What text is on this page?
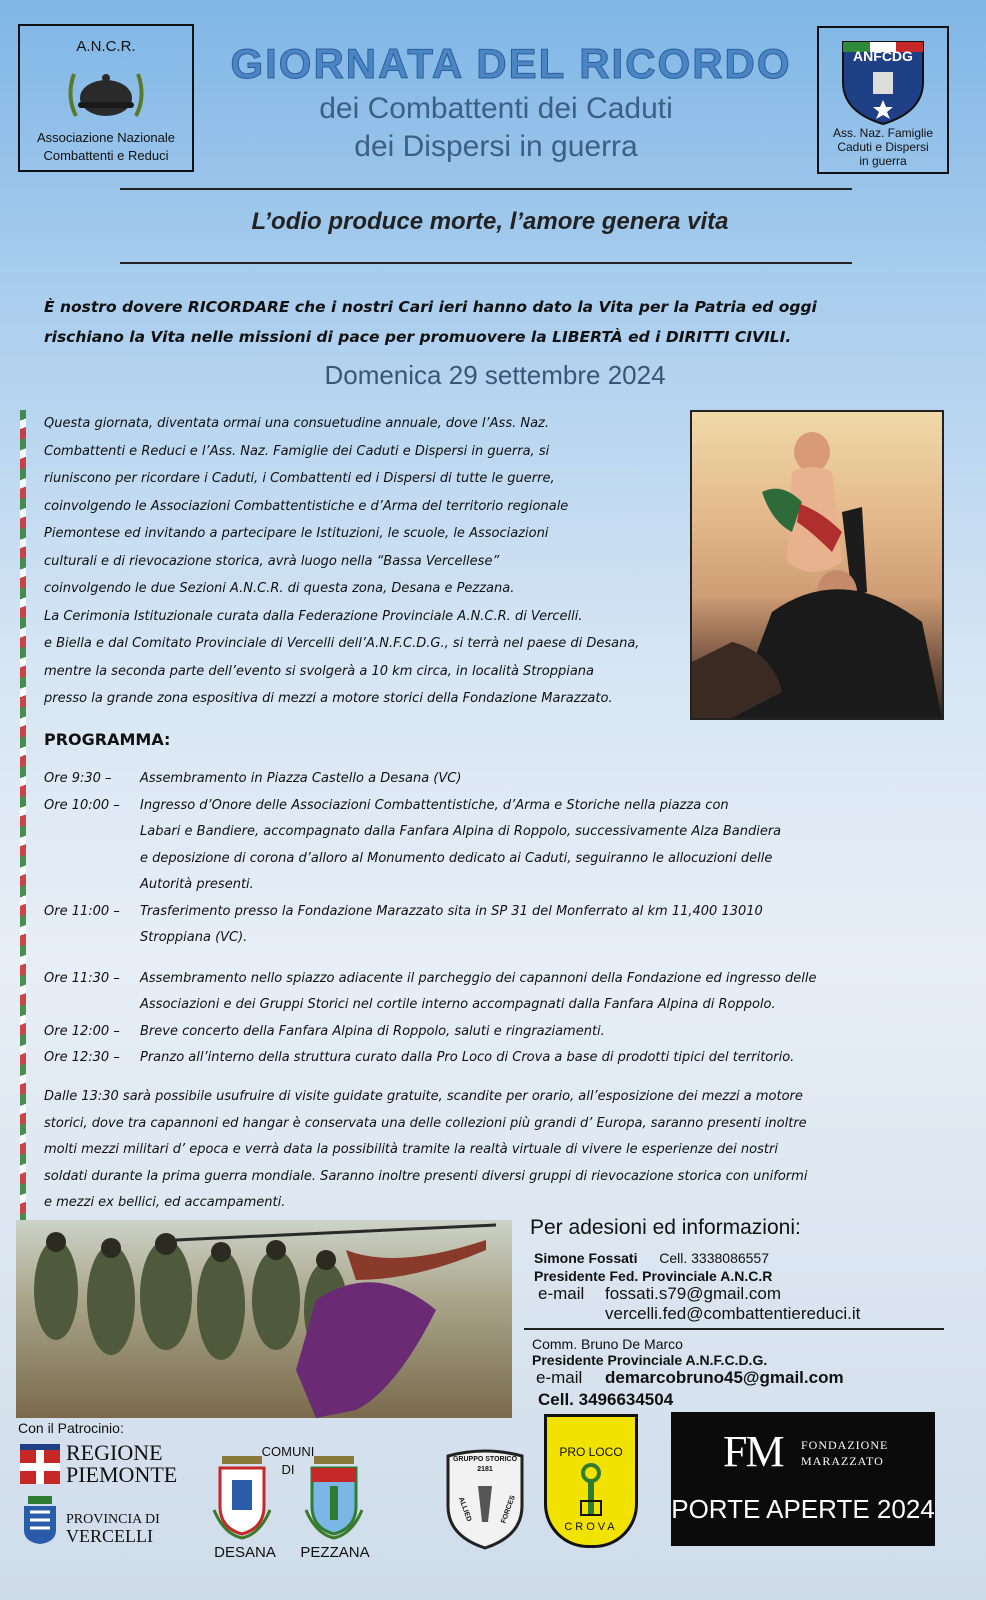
A.N.C.R.
Associazione Nazionale
Combattenti e Reduci
GIORNATA DEL RICORDO
dei Combattenti dei Caduti
dei Dispersi in guerra
ANFCDG
Ass. Naz. Famiglie
Caduti e Dispersi
in guerra
L’odio produce morte, l’amore genera vita
È nostro dovere RICORDARE che i nostri Cari ieri hanno dato la Vita per la Patria ed oggi
rischiano la Vita nelle missioni di pace per promuovere la LIBERTÀ ed i DIRITTI CIVILI.
Domenica 29 settembre 2024
Questa giornata, diventata ormai una consuetudine annuale, dove l’Ass. Naz.
Combattenti e Reduci e l’Ass. Naz. Famiglie dei Caduti e Dispersi in guerra, si
riuniscono per ricordare i Caduti, i Combattenti ed i Dispersi di tutte le guerre,
coinvolgendo le Associazioni Combattentistiche e d’Arma del territorio regionale
Piemontese ed invitando a partecipare le Istituzioni, le scuole, le Associazioni
culturali e di rievocazione storica, avrà luogo nella “Bassa Vercellese”
coinvolgendo le due Sezioni A.N.C.R. di questa zona, Desana e Pezzana.
La Cerimonia Istituzionale curata dalla Federazione Provinciale A.N.C.R. di Vercelli.
e Biella e dal Comitato Provinciale di Vercelli dell’A.N.F.C.D.G., si terrà nel paese di Desana,
mentre la seconda parte dell’evento si svolgerà a 10 km circa, in località Stroppiana
presso la grande zona espositiva di mezzi a motore storici della Fondazione Marazzato.
PROGRAMMA:
Ore 9:30 –	Assembramento in Piazza Castello a Desana (VC)
Ore 10:00 –	Ingresso d’Onore delle Associazioni Combattentistiche, d’Arma e Storiche nella piazza con
Labari e Bandiere, accompagnato dalla Fanfara Alpina di Roppolo, successivamente Alza Bandiera
e deposizione di corona d’alloro al Monumento dedicato ai Caduti, seguiranno le allocuzioni delle
Autorità presenti.
Ore 11:00 –	Trasferimento presso la Fondazione Marazzato sita in SP 31 del Monferrato al km 11,400 13010
Stroppiana (VC).
Ore 11:30 –	Assembramento nello spiazzo adiacente il parcheggio dei capannoni della Fondazione ed ingresso delle
Associazioni e dei Gruppi Storici nel cortile interno accompagnati dalla Fanfara Alpina di Roppolo.
Ore 12:00 –	Breve concerto della Fanfara Alpina di Roppolo, saluti e ringraziamenti.
Ore 12:30 –	Pranzo all’interno della struttura curato dalla Pro Loco di Crova a base di prodotti tipici del territorio.
Dalle 13:30 sarà possibile usufruire di visite guidate gratuite, scandite per orario, all’esposizione dei mezzi a motore
storici, dove tra capannoni ed hangar è conservata una delle collezioni più grandi d’ Europa, saranno presenti inoltre
molti mezzi militari d’ epoca e verrà data la possibilità tramite la realtà virtuale di vivere le esperienze dei nostri
soldati durante la prima guerra mondiale. Saranno inoltre presenti diversi gruppi di rievocazione storica con uniformi
e mezzi ex bellici, ed accampamenti.
Per adesioni ed informazioni:
Simone Fossati Cell. 3338086557
Presidente Fed. Provinciale A.N.C.R
e-mail fossati.s79@gmail.com
vercelli.fed@combattentiereduci.it
Comm. Bruno De Marco
Presidente Provinciale A.N.F.C.D.G.
e-mail demarcobruno45@gmail.com
Cell. 3496634504
Con il Patrocinio:
REGIONE
PIEMONTE
PROVINCIA DI
VERCELLI
COMUNI
DI
DESANA	PEZZANA
GRUPPO STORICO
2181
ALLIED	FORCES
PRO LOCO
CROVA
FM FONDAZIONE
MARAZZATO
PORTE APERTE 2024
